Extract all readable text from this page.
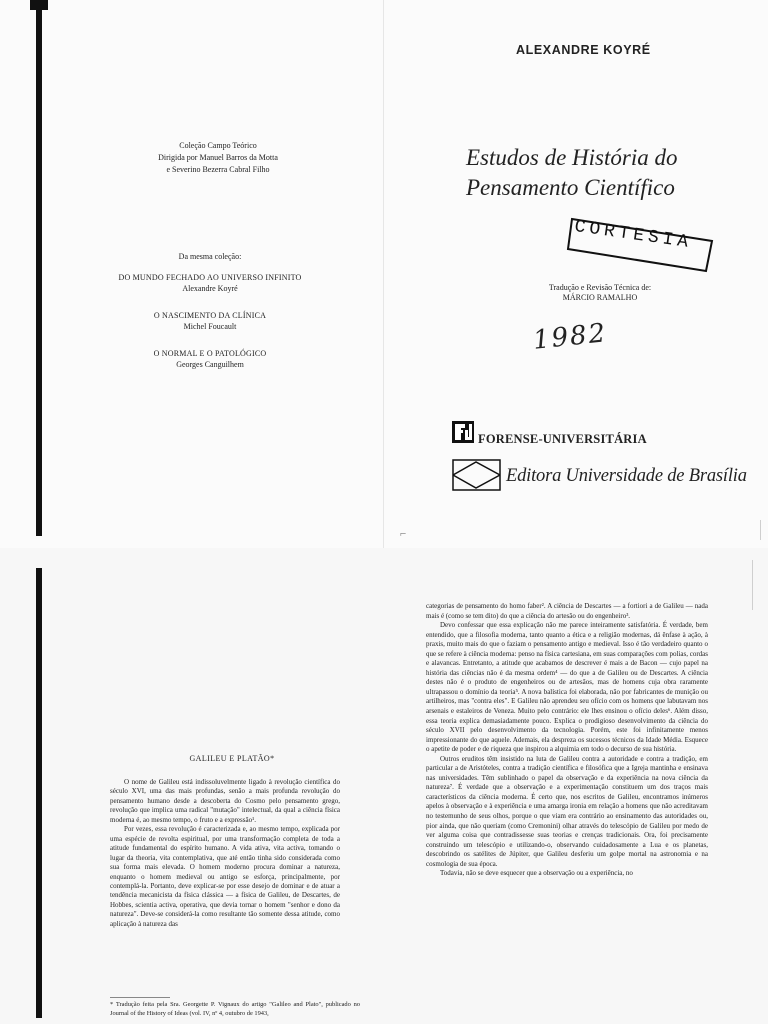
Coleção Campo Teórico
Dirigida por Manuel Barros da Motta
e Severino Bezerra Cabral Filho
Da mesma coleção:
DO MUNDO FECHADO AO UNIVERSO INFINITO
Alexandre Koyré
O NASCIMENTO DA CLÍNICA
Michel Foucault
O NORMAL E O PATOLÓGICO
Georges Canguilhem
ALEXANDRE KOYRÉ
Estudos de História do
Pensamento Científico
CORTESIA
Tradução e Revisão Técnica de:
MÁRCIO RAMALHO
1982
FORENSE-UNIVERSITÁRIA
Editora Universidade de Brasília
⌐
GALILEU E PLATÃO*

O nome de Galileu está indissoluvelmente ligado à revolução científica do século XVI, uma das mais profundas, senão a mais profunda revolução do pensamento humano desde a descoberta do Cosmo pelo pensamento grego, revolução que implica uma radical "mutação" intelectual, da qual a ciência física moderna é, ao mesmo tempo, o fruto e a expressão¹.

Por vezes, essa revolução é caracterizada e, ao mesmo tempo, explicada por uma espécie de revolta espiritual, por uma transformação completa de toda a atitude fundamental do espírito humano. A vida ativa, vita activa, tomando o lugar da theoria, vita contemplativa, que até então tinha sido considerada como sua forma mais elevada. O homem moderno procura dominar a natureza, enquanto o homem medieval ou antigo se esforça, principalmente, por contemplá-la. Portanto, deve explicar-se por esse desejo de dominar e de atuar a tendência mecanicista da física clássica — a física de Galileu, de Descartes, de Hobbes, scientia activa, operativa, que devia tornar o homem "senhor e dono da natureza". Deve-se considerá-la como resultante tão somente dessa atitude, como aplicação à natureza das

* Tradução feita pela Sra. Georgette P. Vignaux do artigo "Galileo and Plato", publicado no Journal of the History of Ideas (vol. IV, nº 4, outubro de 1943,

categorias de pensamento do homo faber². A ciência de Descartes — a fortiori a de Galileu — nada mais é (como se tem dito) do que a ciência do artesão ou do engenheiro³.

Devo confessar que essa explicação não me parece inteiramente satisfatória. É verdade, bem entendido, que a filosofia moderna, tanto quanto a ética e a religião modernas, dá ênfase à ação, à praxis, muito mais do que o faziam o pensamento antigo e medieval. Isso é tão verdadeiro quanto o que se refere à ciência moderna: penso na física cartesiana, em suas comparações com polias, cordas e alavancas. Entretanto, a atitude que acabamos de descrever é mais a de Bacon — cujo papel na história das ciências não é da mesma ordem⁴ — do que a de Galileu ou de Descartes. A ciência destes não é o produto de engenheiros ou de artesãos, mas de homens cuja obra raramente ultrapassou o domínio da teoria⁵. A nova balística foi elaborada, não por fabricantes de munição ou artilheiros, mas "contra eles". E Galileu não aprendeu seu ofício com os homens que labutavam nos arsenais e estaleiros de Veneza. Muito pelo contrário: ele lhes ensinou o ofício deles⁶. Além disso, essa teoria explica demasiadamente pouco. Explica o prodigioso desenvolvimento da ciência do século XVII pelo desenvolvimento da tecnologia. Porém, este foi infinitamente menos impressionante do que aquele. Ademais, ela despreza os sucessos técnicos da Idade Média. Esquece o apetite de poder e de riqueza que inspirou a alquimia em todo o decurso de sua história.

Outros eruditos têm insistido na luta de Galileu contra a autoridade e contra a tradição, em particular a de Aristóteles, contra a tradição científica e filosófica que a Igreja mantinha e ensinava nas universidades. Têm sublinhado o papel da observação e da experiência na nova ciência da natureza⁷. É verdade que a observação e a experimentação constituem um dos traços mais característicos da ciência moderna. É certo que, nos escritos de Galileu, encontramos inúmeros apelos à observação e à experiência e uma amarga ironia em relação a homens que não acreditavam no testemunho de seus olhos, porque o que viam era contrário ao ensinamento das autoridades ou, pior ainda, que não queriam (como Cremonini) olhar através do telescópio de Galileu por medo de ver alguma coisa que contradissesse suas teorias e crenças tradicionais. Ora, foi precisamente construindo um telescópio e utilizando-o, observando cuidadosamente a Lua e os planetas, descobrindo os satélites de Júpiter, que Galileu desferiu um golpe mortal na astronomia e na cosmologia de sua época.

Todavia, não se deve esquecer que a observação ou a experiência, no
